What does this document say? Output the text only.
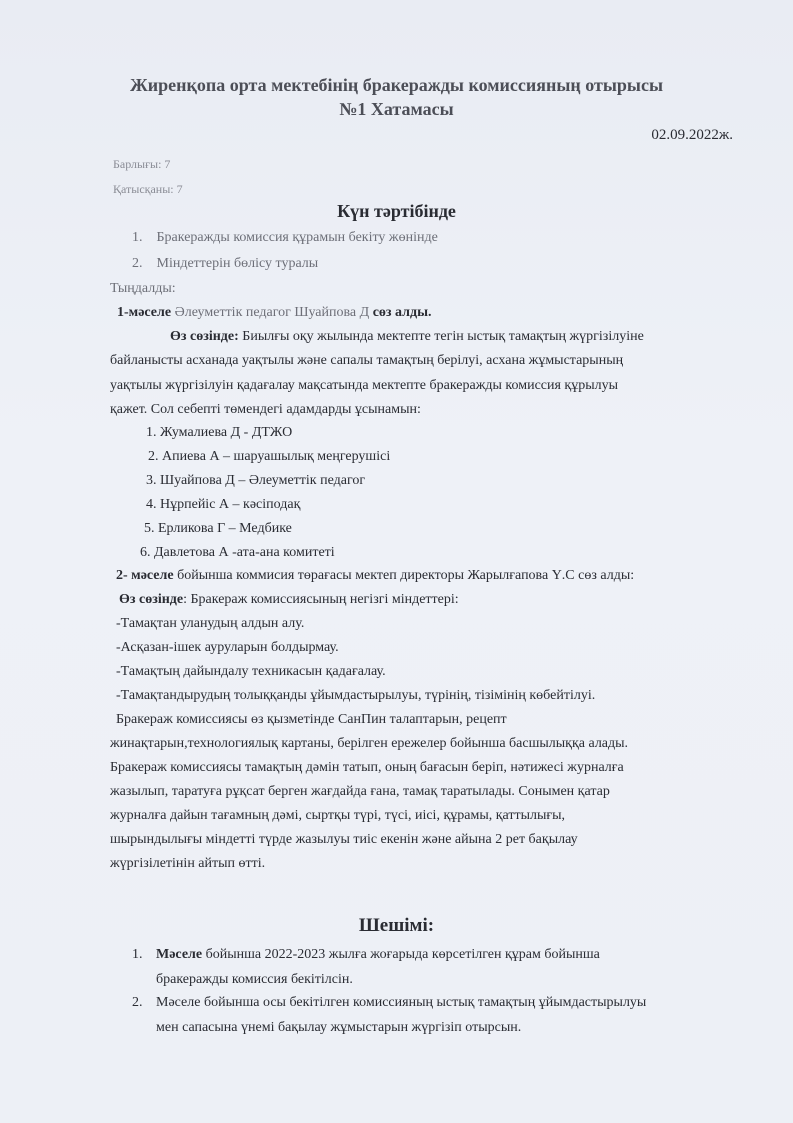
Жиренқопа орта мектебінің бракеражды комиссияның отырысы
№1 Хатамасы
02.09.2022ж.
Барлығы: 7
Қатысқаны: 7
Күн тәртібінде
1. Бракеражды комиссия құрамын бекіту жөнінде
2. Міндеттерін бөлісу туралы
Тыңдалды:
1-мәселе Әлеуметтік педагог Шуайпова Д сөз алды.
Өз сөзінде: Биылғы оқу жылында мектепте тегін ыстық тамақтың жүргізілуіне
байланысты асханада уақтылы және сапалы тамақтың берілуі, асхана жұмыстарының
уақтылы жүргізілуін қадағалау мақсатында мектепте бракеражды комиссия құрылуы
қажет. Сол себепті төмендегі адамдарды ұсынамын:
1. Жумалиева Д - ДТЖО
2. Апиева А – шаруашылық меңгерушісі
3. Шуайпова Д – Әлеуметтік педагог
4. Нұрпейіс А – кәсіподақ
5. Ерликова Г – Медбике
6. Давлетова А -ата-ана комитеті
2- мәселе бойынша коммисия төрағасы мектеп директоры Жарылғапова Ү.С сөз алды:
Өз сөзінде: Бракераж комиссиясының негізгі міндеттері:
-Тамақтан уланудың алдын алу.
-Асқазан-ішек ауруларын болдырмау.
-Тамақтың дайындалу техникасын қадағалау.
-Тамақтандырудың толыққанды ұйымдастырылуы, түрінің, тізімінің көбейтілуі.
Бракераж комиссиясы өз қызметінде СанПин талаптарын, рецепт
жинақтарын,технологиялық картаны, берілген ережелер бойынша басшылыққа алады.
Бракераж комиссиясы тамақтың дәмін татып, оның бағасын беріп, нәтижесі журналға
жазылып, таратуға рұқсат берген жағдайда ғана, тамақ таратылады. Сонымен қатар
журналға дайын тағамның дәмі, сыртқы түрі, түсі, иісі, құрамы, қаттылығы,
шырындылығы міндетті түрде жазылуы тиіс екенін және айына 2 рет бақылау
жүргізілетінін айтып өтті.
Шешімі:
1. Мәселе бойынша 2022-2023 жылға жоғарыда көрсетілген құрам бойынша
бракеражды комиссия бекітілсін.
2. Мәселе бойынша осы бекітілген комиссияның ыстық тамақтың ұйымдастырылуы
мен сапасына үнемі бақылау жұмыстарын жүргізіп отырсын.
